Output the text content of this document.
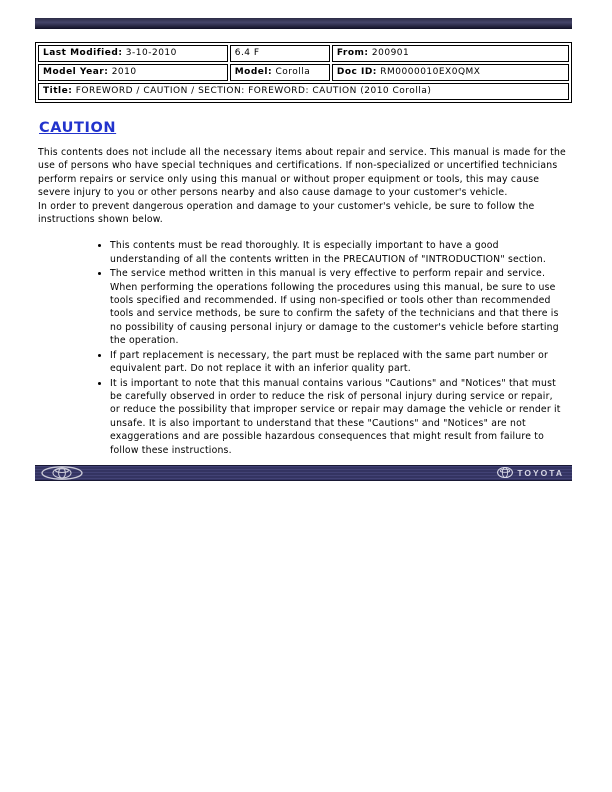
Last Modified: 3-10-2010	6.4 F	From: 200901
Model Year: 2010	Model: Corolla	Doc ID: RM0000010EX0QMX
Title: FOREWORD / CAUTION / SECTION: FOREWORD: CAUTION (2010 Corolla)		
CAUTION

This contents does not include all the necessary items about repair and service. This manual is made for the use of persons who have special techniques and certifications. If non-specialized or uncertified technicians perform repairs or service only using this manual or without proper equipment or tools, this may cause severe injury to you or other persons nearby and also cause damage to your customer's vehicle.

In order to prevent dangerous operation and damage to your customer's vehicle, be sure to follow the instructions shown below.

• This contents must be read thoroughly. It is especially important to have a good understanding of all the contents written in the PRECAUTION of "INTRODUCTION" section.
• The service method written in this manual is very effective to perform repair and service. When performing the operations following the procedures using this manual, be sure to use tools specified and recommended. If using non-specified or tools other than recommended tools and service methods, be sure to confirm the safety of the technicians and that there is no possibility of causing personal injury or damage to the customer's vehicle before starting the operation.
• If part replacement is necessary, the part must be replaced with the same part number or equivalent part. Do not replace it with an inferior quality part.
• It is important to note that this manual contains various "Cautions" and "Notices" that must be carefully observed in order to reduce the risk of personal injury during service or repair, or reduce the possibility that improper service or repair may damage the vehicle or render it unsafe. It is also important to understand that these "Cautions" and "Notices" are not exaggerations and are possible hazardous consequences that might result from failure to follow these instructions.
TOYOTA
